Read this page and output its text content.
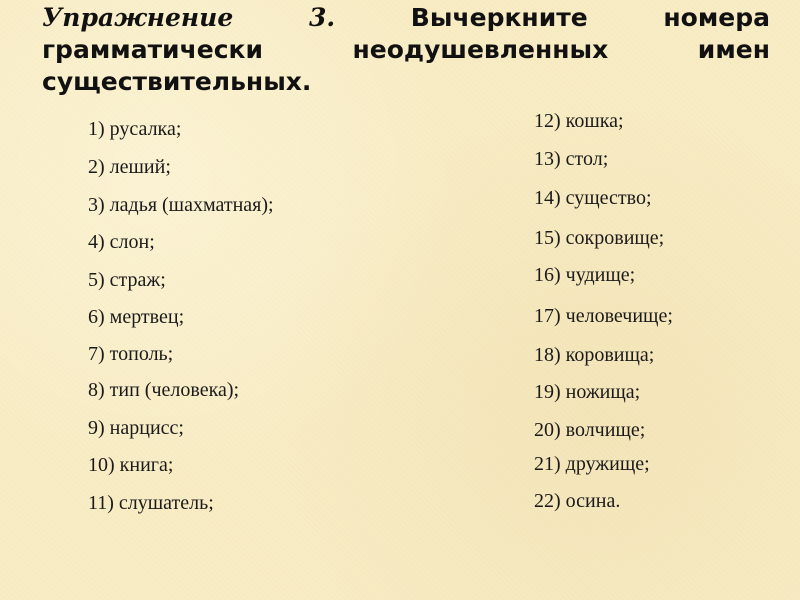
Упражнение 3.	Вычеркните номера грамматически неодушевленных имен существительных.

1) русалка;

2) леший;

3) ладья (шахматная);

4) слон;

5) страж;

6) мертвец;

7) тополь;

8) тип (человека);

9) нарцисс;

10) книга;

11) слушатель;

12) кошка;

13) стол;

14) существо;

15) сокровище;

16) чудище;

17) человечище;

18) коровища;

19) ножища;

20) волчище;

21) дружище;

22) осина.
